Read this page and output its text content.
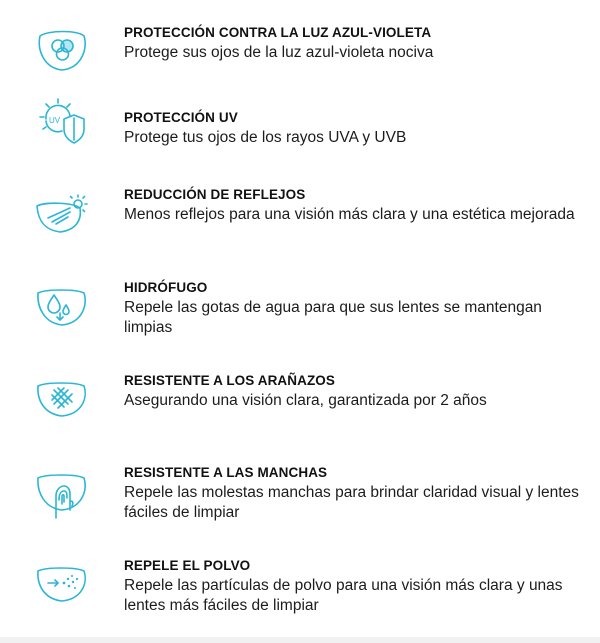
PROTECCIÓN CONTRA LA LUZ AZUL-VIOLETA

Protege sus ojos de la luz azul-violeta nociva

UV	PROTECCIÓN UV

Protege tus ojos de los rayos UVA y UVB

REDUCCIÓN DE REFLEJOS

Menos reflejos para una visión más clara y una estética mejorada

HIDRÓFUGO

Repele las gotas de agua para que sus lentes se mantengan limpias

RESISTENTE A LOS ARAÑAZOS

Asegurando una visión clara, garantizada por 2 años

RESISTENTE A LAS MANCHAS

Repele las molestas manchas para brindar claridad visual y lentes fáciles de limpiar

REPELE EL POLVO

Repele las partículas de polvo para una visión más clara y unas lentes más fáciles de limpiar
